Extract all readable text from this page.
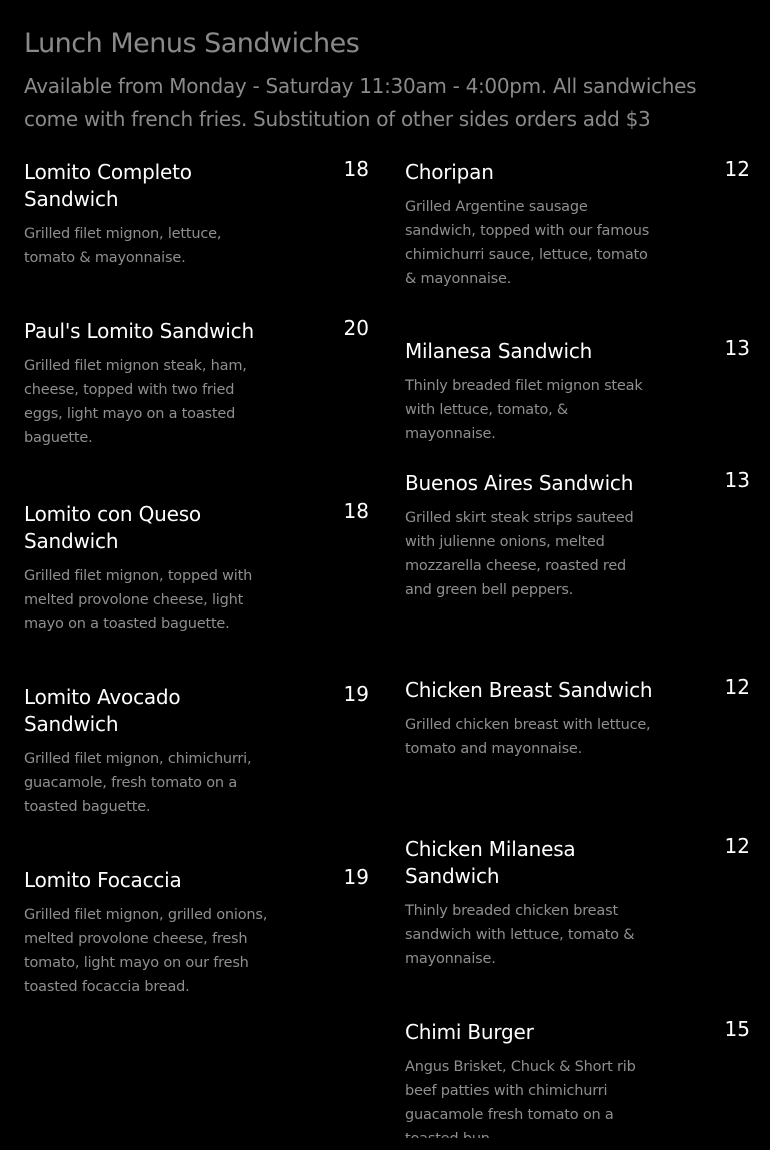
Lunch Menus Sandwiches
Available from Monday - Saturday 11:30am - 4:00pm. All sandwiches come with french fries. Substitution of other sides orders add $3
Lomito Completo Sandwich
18
Grilled filet mignon, lettuce, tomato & mayonnaise.
Paul's Lomito Sandwich	20
Grilled filet mignon steak, ham, cheese, topped with two fried eggs, light mayo on a toasted baguette.
Lomito con Queso Sandwich
18
Grilled filet mignon, topped with melted provolone cheese, light mayo on a toasted baguette.
Lomito Avocado Sandwich
19
Grilled filet mignon, chimichurri, guacamole, fresh tomato on a toasted baguette.
Lomito Focaccia	19
Grilled filet mignon, grilled onions, melted provolone cheese, fresh tomato, light mayo on our fresh toasted focaccia bread.
Choripan	12
Grilled Argentine sausage sandwich, topped with our famous chimichurri sauce, lettuce, tomato & mayonnaise.
Milanesa Sandwich	13
Thinly breaded filet mignon steak with lettuce, tomato, & mayonnaise.
Buenos Aires Sandwich	13
Grilled skirt steak strips sauteed with julienne onions, melted mozzarella cheese, roasted red and green bell peppers.
Chicken Breast Sandwich	12
Grilled chicken breast with lettuce, tomato and mayonnaise.
Chicken Milanesa Sandwich
12
Thinly breaded chicken breast sandwich with lettuce, tomato & mayonnaise.
Chimi Burger	15
Angus Brisket, Chuck & Short rib beef patties with chimichurri guacamole fresh tomato on a
